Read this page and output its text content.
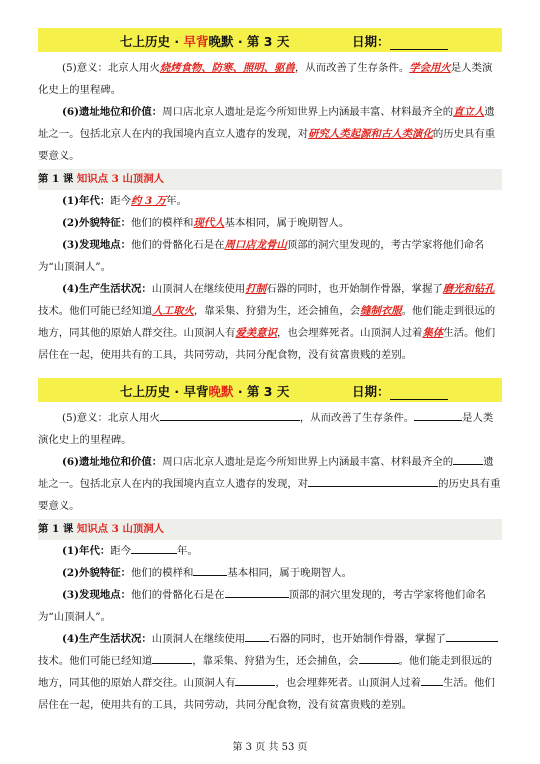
七上历史 · 早背晚默 · 第 3 天	日期：

(5)意义：北京人用火烧烤食物、防寒、照明、驱兽，从而改善了生存条件。学会用火是人类演化史上的里程碑。

(6)遗址地位和价值：周口店北京人遗址是迄今所知世界上内涵最丰富、材料最齐全的直立人遗址之一。包括北京人在内的我国境内直立人遗存的发现，对研究人类起源和古人类演化的历史具有重要意义。

第 1 课 知识点 3 山顶洞人

(1)年代：距今约 3 万年。

(2)外貌特征：他们的模样和现代人基本相同，属于晚期智人。

(3)发现地点：他们的骨骼化石是在周口店龙骨山顶部的洞穴里发现的，考古学家将他们命名为“山顶洞人”。

(4)生产生活状况：山顶洞人在继续使用打制石器的同时，也开始制作骨器，掌握了磨光和钻孔技术。他们可能已经知道人工取火，靠采集、狩猎为生，还会捕鱼，会缝制衣服。他们能走到很远的地方，同其他的原始人群交往。山顶洞人有爱美意识，也会埋葬死者。山顶洞人过着集体生活。他们居住在一起，使用共有的工具，共同劳动，共同分配食物，没有贫富贵贱的差别。

七上历史 · 早背晚默 · 第 3 天	日期：

(5)意义：北京人用火	，从而改善了生存条件。	是人类演化史上的里程碑。

(6)遗址地位和价值：周口店北京人遗址是迄今所知世界上内涵最丰富、材料最齐全的	遗址之一。包括北京人在内的我国境内直立人遗存的发现，对	的历史具有重要意义。

第 1 课 知识点 3 山顶洞人

(1)年代：距今	年。

(2)外貌特征：他们的模样和	基本相同，属于晚期智人。

(3)发现地点：他们的骨骼化石是在	顶部的洞穴里发现的，考古学家将他们命名为“山顶洞人”。

(4)生产生活状况：山顶洞人在继续使用 石器的同时，也开始制作骨器，掌握了技术。他们可能已经知道	，靠采集、狩猎为生，还会捕鱼，会	。他们能走到很远的地方，同其他的原始人群交往。山顶洞人有	，也会埋葬死者。山顶洞人过着 生活。他们居住在一起，使用共有的工具，共同劳动，共同分配食物，没有贫富贵贱的差别。

第 3 页 共 53 页
